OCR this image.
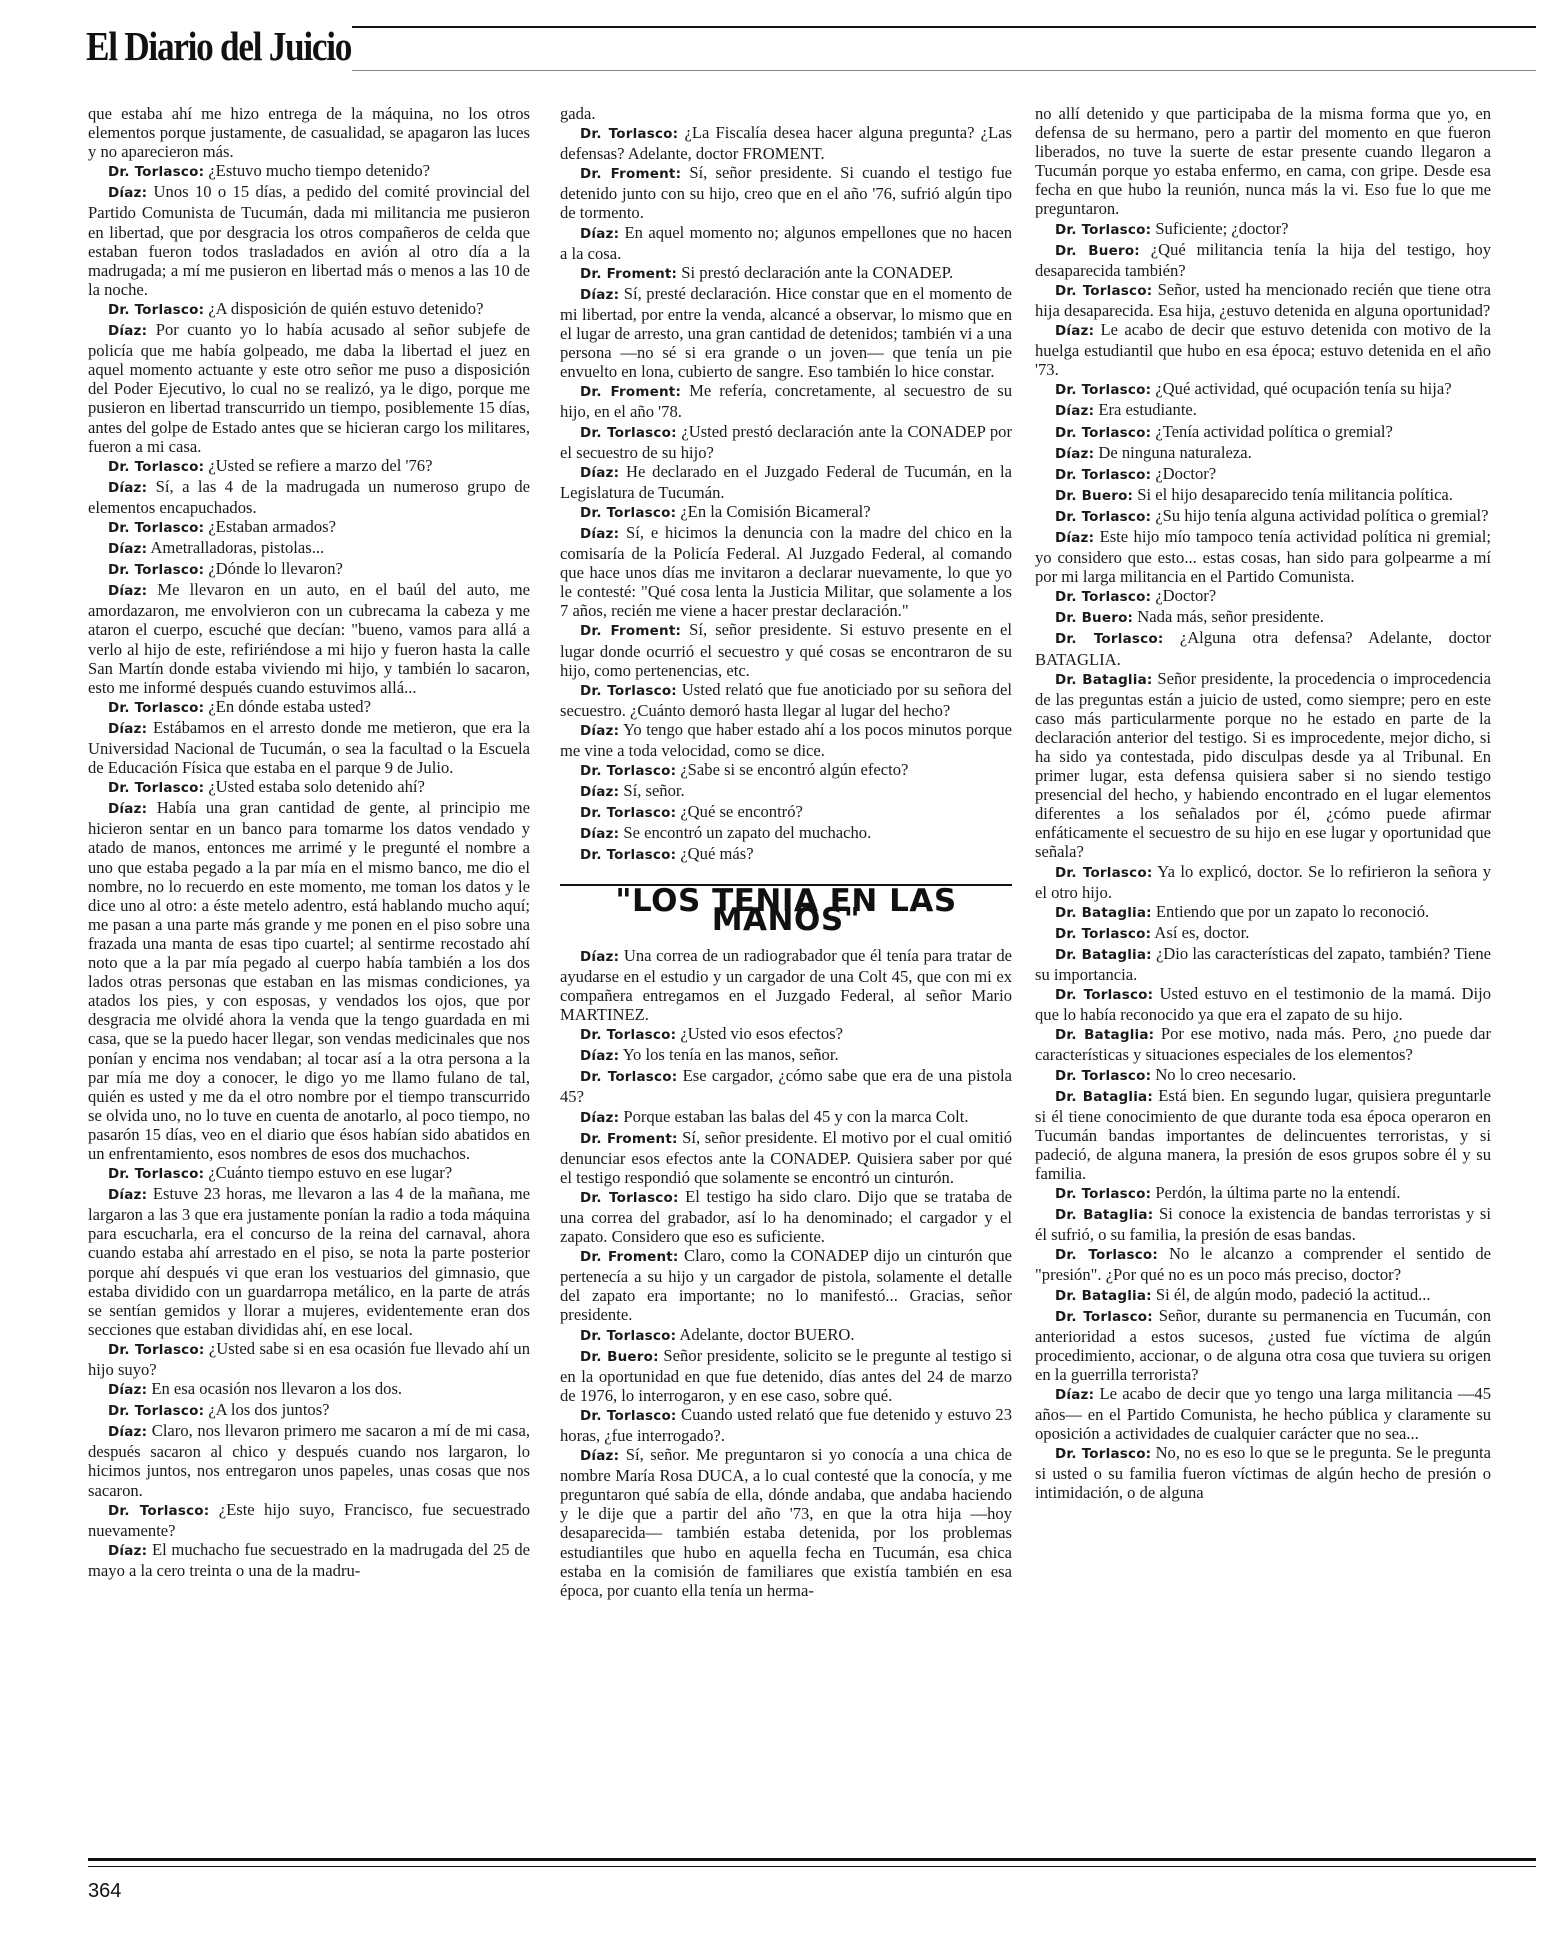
El Diario del Juicio

que estaba ahí me hizo entrega de la máquina, no los otros elementos porque justamente, de casualidad, se apagaron las luces y no aparecieron más.

Dr. Torlasco: ¿Estuvo mucho tiempo detenido?

Díaz: Unos 10 o 15 días, a pedido del comité provincial del Partido Comunista de Tucumán, dada mi militancia me pusieron en libertad, que por desgracia los otros compañeros de celda que estaban fueron todos trasladados en avión al otro día a la madrugada; a mí me pusieron en libertad más o menos a las 10 de la noche.

Dr. Torlasco: ¿A disposición de quién estuvo detenido?

Díaz: Por cuanto yo lo había acusado al señor subjefe de policía que me había golpeado, me daba la libertad el juez en aquel momento actuante y este otro señor me puso a disposición del Poder Ejecutivo, lo cual no se realizó, ya le digo, porque me pusieron en libertad transcurrido un tiempo, posiblemente 15 días, antes del golpe de Estado antes que se hicieran cargo los militares, fueron a mi casa.

Dr. Torlasco: ¿Usted se refiere a marzo del '76?

Díaz: Sí, a las 4 de la madrugada un numeroso grupo de elementos encapuchados.

Dr. Torlasco: ¿Estaban armados?

Díaz: Ametralladoras, pistolas...

Dr. Torlasco: ¿Dónde lo llevaron?

Díaz: Me llevaron en un auto, en el baúl del auto, me amordazaron, me envolvieron con un cubrecama la cabeza y me ataron el cuerpo, escuché que decían: "bueno, vamos para allá a verlo al hijo de este, refiriéndose a mi hijo y fueron hasta la calle San Martín donde estaba viviendo mi hijo, y también lo sacaron, esto me informé después cuando estuvimos allá...

Dr. Torlasco: ¿En dónde estaba usted?

Díaz: Estábamos en el arresto donde me metieron, que era la Universidad Nacional de Tucumán, o sea la facultad o la Escuela de Educación Física que estaba en el parque 9 de Julio.

Dr. Torlasco: ¿Usted estaba solo detenido ahí?

Díaz: Había una gran cantidad de gente, al principio me hicieron sentar en un banco para tomarme los datos vendado y atado de manos, entonces me arrimé y le pregunté el nombre a uno que estaba pegado a la par mía en el mismo banco, me dio el nombre, no lo recuerdo en este momento, me toman los datos y le dice uno al otro: a éste metelo adentro, está hablando mucho aquí; me pasan a una parte más grande y me ponen en el piso sobre una frazada una manta de esas tipo cuartel; al sentirme recostado ahí noto que a la par mía pegado al cuerpo había también a los dos lados otras personas que estaban en las mismas condiciones, ya atados los pies, y con esposas, y vendados los ojos, que por desgracia me olvidé ahora la venda que la tengo guardada en mi casa, que se la puedo hacer llegar, son vendas medicinales que nos ponían y encima nos vendaban; al tocar así a la otra persona a la par mía me doy a conocer, le digo yo me llamo fulano de tal, quién es usted y me da el otro nombre por el tiempo transcurrido se olvida uno, no lo tuve en cuenta de anotarlo, al poco tiempo, no pasarón 15 días, veo en el diario que ésos habían sido abatidos en un enfrentamiento, esos nombres de esos dos muchachos.

Dr. Torlasco: ¿Cuánto tiempo estuvo en ese lugar?

Díaz: Estuve 23 horas, me llevaron a las 4 de la mañana, me largaron a las 3 que era justamente ponían la radio a toda máquina para escucharla, era el concurso de la reina del carnaval, ahora cuando estaba ahí arrestado en el piso, se nota la parte posterior porque ahí después vi que eran los vestuarios del gimnasio, que estaba dividido con un guardarropa metálico, en la parte de atrás se sentían gemidos y llorar a mujeres, evidentemente eran dos secciones que estaban divididas ahí, en ese local.

Dr. Torlasco: ¿Usted sabe si en esa ocasión fue llevado ahí un hijo suyo?

Díaz: En esa ocasión nos llevaron a los dos.

Dr. Torlasco: ¿A los dos juntos?

Díaz: Claro, nos llevaron primero me sacaron a mí de mi casa, después sacaron al chico y después cuando nos largaron, lo hicimos juntos, nos entregaron unos papeles, unas cosas que nos sacaron.

Dr. Torlasco: ¿Este hijo suyo, Francisco, fue secuestrado nuevamente?

Díaz: El muchacho fue secuestrado en la madrugada del 25 de mayo a la cero treinta o una de la madru-

gada.

Dr. Torlasco: ¿La Fiscalía desea hacer alguna pregunta? ¿Las defensas? Adelante, doctor FROMENT.

Dr. Froment: Sí, señor presidente. Si cuando el testigo fue detenido junto con su hijo, creo que en el año '76, sufrió algún tipo de tormento.

Díaz: En aquel momento no; algunos empellones que no hacen a la cosa.

Dr. Froment: Si prestó declaración ante la CONADEP.

Díaz: Sí, presté declaración. Hice constar que en el momento de mi libertad, por entre la venda, alcancé a observar, lo mismo que en el lugar de arresto, una gran cantidad de detenidos; también vi a una persona —no sé si era grande o un joven— que tenía un pie envuelto en lona, cubierto de sangre. Eso también lo hice constar.

Dr. Froment: Me refería, concretamente, al secuestro de su hijo, en el año '78.

Dr. Torlasco: ¿Usted prestó declaración ante la CONADEP por el secuestro de su hijo?

Díaz: He declarado en el Juzgado Federal de Tucumán, en la Legislatura de Tucumán.

Dr. Torlasco: ¿En la Comisión Bicameral?

Díaz: Sí, e hicimos la denuncia con la madre del chico en la comisaría de la Policía Federal. Al Juzgado Federal, al comando que hace unos días me invitaron a declarar nuevamente, lo que yo le contesté: "Qué cosa lenta la Justicia Militar, que solamente a los 7 años, recién me viene a hacer prestar declaración."

Dr. Froment: Sí, señor presidente. Si estuvo presente en el lugar donde ocurrió el secuestro y qué cosas se encontraron de su hijo, como pertenencias, etc.

Dr. Torlasco: Usted relató que fue anoticiado por su señora del secuestro. ¿Cuánto demoró hasta llegar al lugar del hecho?

Díaz: Yo tengo que haber estado ahí a los pocos minutos porque me vine a toda velocidad, como se dice.

Dr. Torlasco: ¿Sabe si se encontró algún efecto?

Díaz: Sí, señor.

Dr. Torlasco: ¿Qué se encontró?

Díaz: Se encontró un zapato del muchacho.

Dr. Torlasco: ¿Qué más?

"LOS TENIA EN LAS MANOS"

Díaz: Una correa de un radiograbador que él tenía para tratar de ayudarse en el estudio y un cargador de una Colt 45, que con mi ex compañera entregamos en el Juzgado Federal, al señor Mario MARTINEZ.

Dr. Torlasco: ¿Usted vio esos efectos?

Díaz: Yo los tenía en las manos, señor.

Dr. Torlasco: Ese cargador, ¿cómo sabe que era de una pistola 45?

Díaz: Porque estaban las balas del 45 y con la marca Colt.

Dr. Froment: Sí, señor presidente. El motivo por el cual omitió denunciar esos efectos ante la CONADEP. Quisiera saber por qué el testigo respondió que solamente se encontró un cinturón.

Dr. Torlasco: El testigo ha sido claro. Dijo que se trataba de una correa del grabador, así lo ha denominado; el cargador y el zapato. Considero que eso es suficiente.

Dr. Froment: Claro, como la CONADEP dijo un cinturón que pertenecía a su hijo y un cargador de pistola, solamente el detalle del zapato era importante; no lo manifestó... Gracias, señor presidente.

Dr. Torlasco: Adelante, doctor BUERO.

Dr. Buero: Señor presidente, solicito se le pregunte al testigo si en la oportunidad en que fue detenido, días antes del 24 de marzo de 1976, lo interrogaron, y en ese caso, sobre qué.

Dr. Torlasco: Cuando usted relató que fue detenido y estuvo 23 horas, ¿fue interrogado?.

Díaz: Sí, señor. Me preguntaron si yo conocía a una chica de nombre María Rosa DUCA, a lo cual contesté que la conocía, y me preguntaron qué sabía de ella, dónde andaba, que andaba haciendo y le dije que a partir del año '73, en que la otra hija —hoy desaparecida— también estaba detenida, por los problemas estudiantiles que hubo en aquella fecha en Tucumán, esa chica estaba en la comisión de familiares que existía también en esa época, por cuanto ella tenía un herma-

no allí detenido y que participaba de la misma forma que yo, en defensa de su hermano, pero a partir del momento en que fueron liberados, no tuve la suerte de estar presente cuando llegaron a Tucumán porque yo estaba enfermo, en cama, con gripe. Desde esa fecha en que hubo la reunión, nunca más la vi. Eso fue lo que me preguntaron.

Dr. Torlasco: Suficiente; ¿doctor?

Dr. Buero: ¿Qué militancia tenía la hija del testigo, hoy desaparecida también?

Dr. Torlasco: Señor, usted ha mencionado recién que tiene otra hija desaparecida. Esa hija, ¿estuvo detenida en alguna oportunidad?

Díaz: Le acabo de decir que estuvo detenida con motivo de la huelga estudiantil que hubo en esa época; estuvo detenida en el año '73.

Dr. Torlasco: ¿Qué actividad, qué ocupación tenía su hija?

Díaz: Era estudiante.

Dr. Torlasco: ¿Tenía actividad política o gremial?

Díaz: De ninguna naturaleza.

Dr. Torlasco: ¿Doctor?

Dr. Buero: Si el hijo desaparecido tenía militancia política.

Dr. Torlasco: ¿Su hijo tenía alguna actividad política o gremial?

Díaz: Este hijo mío tampoco tenía actividad política ni gremial; yo considero que esto... estas cosas, han sido para golpearme a mí por mi larga militancia en el Partido Comunista.

Dr. Torlasco: ¿Doctor?

Dr. Buero: Nada más, señor presidente.

Dr. Torlasco: ¿Alguna otra defensa? Adelante, doctor BATAGLIA.

Dr. Bataglia: Señor presidente, la procedencia o improcedencia de las preguntas están a juicio de usted, como siempre; pero en este caso más particularmente porque no he estado en parte de la declaración anterior del testigo. Si es improcedente, mejor dicho, si ha sido ya contestada, pido disculpas desde ya al Tribunal. En primer lugar, esta defensa quisiera saber si no siendo testigo presencial del hecho, y habiendo encontrado en el lugar elementos diferentes a los señalados por él, ¿cómo puede afirmar enfáticamente el secuestro de su hijo en ese lugar y oportunidad que señala?

Dr. Torlasco: Ya lo explicó, doctor. Se lo refirieron la señora y el otro hijo.

Dr. Bataglia: Entiendo que por un zapato lo reconoció.

Dr. Torlasco: Así es, doctor.

Dr. Bataglia: ¿Dio las características del zapato, también? Tiene su importancia.

Dr. Torlasco: Usted estuvo en el testimonio de la mamá. Dijo que lo había reconocido ya que era el zapato de su hijo.

Dr. Bataglia: Por ese motivo, nada más. Pero, ¿no puede dar características y situaciones especiales de los elementos?

Dr. Torlasco: No lo creo necesario.

Dr. Bataglia: Está bien. En segundo lugar, quisiera preguntarle si él tiene conocimiento de que durante toda esa época operaron en Tucumán bandas importantes de delincuentes terroristas, y si padeció, de alguna manera, la presión de esos grupos sobre él y su familia.

Dr. Torlasco: Perdón, la última parte no la entendí.

Dr. Bataglia: Si conoce la existencia de bandas terroristas y si él sufrió, o su familia, la presión de esas bandas.

Dr. Torlasco: No le alcanzo a comprender el sentido de "presión". ¿Por qué no es un poco más preciso, doctor?

Dr. Bataglia: Si él, de algún modo, padeció la actitud...

Dr. Torlasco: Señor, durante su permanencia en Tucumán, con anterioridad a estos sucesos, ¿usted fue víctima de algún procedimiento, accionar, o de alguna otra cosa que tuviera su origen en la guerrilla terrorista?

Díaz: Le acabo de decir que yo tengo una larga militancia —45 años— en el Partido Comunista, he hecho pública y claramente su oposición a actividades de cualquier carácter que no sea...

Dr. Torlasco: No, no es eso lo que se le pregunta. Se le pregunta si usted o su familia fueron víctimas de algún hecho de presión o intimidación, o de alguna

364
